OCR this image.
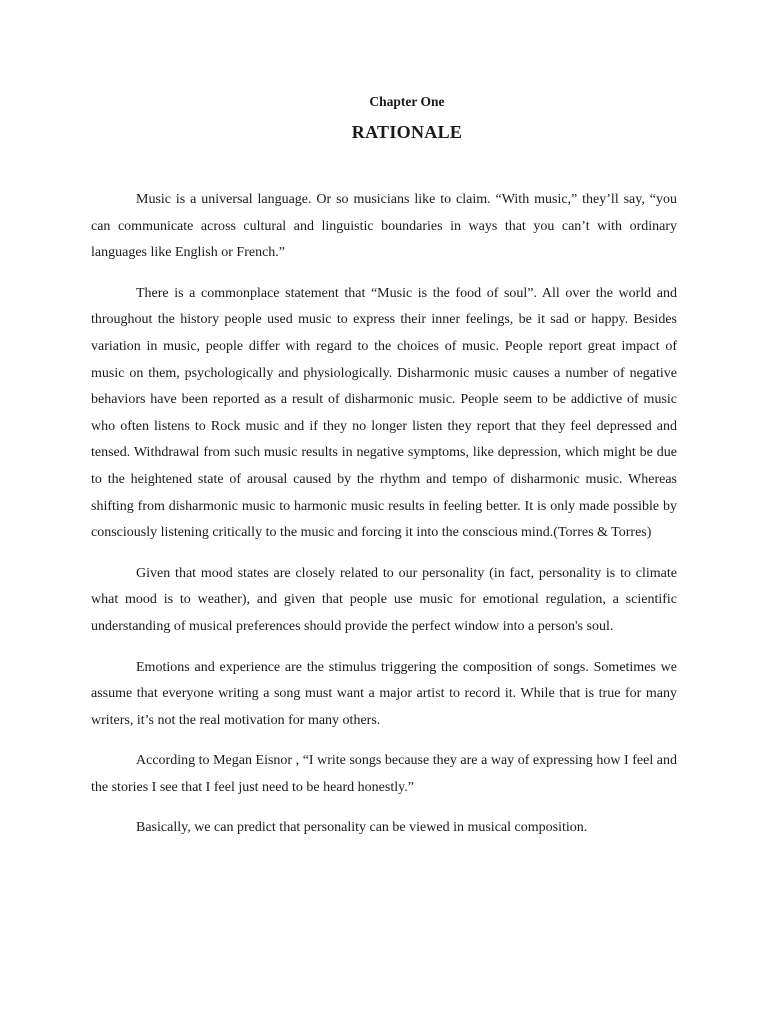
Chapter One
RATIONALE

Music is a universal language. Or so musicians like to claim. “With music,” they’ll say, “you can communicate across cultural and linguistic boundaries in ways that you can’t with ordinary languages like English or French.”

There is a commonplace statement that “Music is the food of soul”. All over the world and throughout the history people used music to express their inner feelings, be it sad or happy. Besides variation in music, people differ with regard to the choices of music. People report great impact of music on them, psychologically and physiologically. Disharmonic music causes a number of negative behaviors have been reported as a result of disharmonic music. People seem to be addictive of music who often listens to Rock music and if they no longer listen they report that they feel depressed and tensed. Withdrawal from such music results in negative symptoms, like depression, which might be due to the heightened state of arousal caused by the rhythm and tempo of disharmonic music. Whereas shifting from disharmonic music to harmonic music results in feeling better. It is only made possible by consciously listening critically to the music and forcing it into the conscious mind.(Torres & Torres)

Given that mood states are closely related to our personality (in fact, personality is to climate what mood is to weather), and given that people use music for emotional regulation, a scientific understanding of musical preferences should provide the perfect window into a person's soul.

Emotions and experience are the stimulus triggering the composition of songs. Sometimes we assume that everyone writing a song must want a major artist to record it. While that is true for many writers, it’s not the real motivation for many others.

According to Megan Eisnor , “I write songs because they are a way of expressing how I feel and the stories I see that I feel just need to be heard honestly.”

Basically, we can predict that personality can be viewed in musical composition.
